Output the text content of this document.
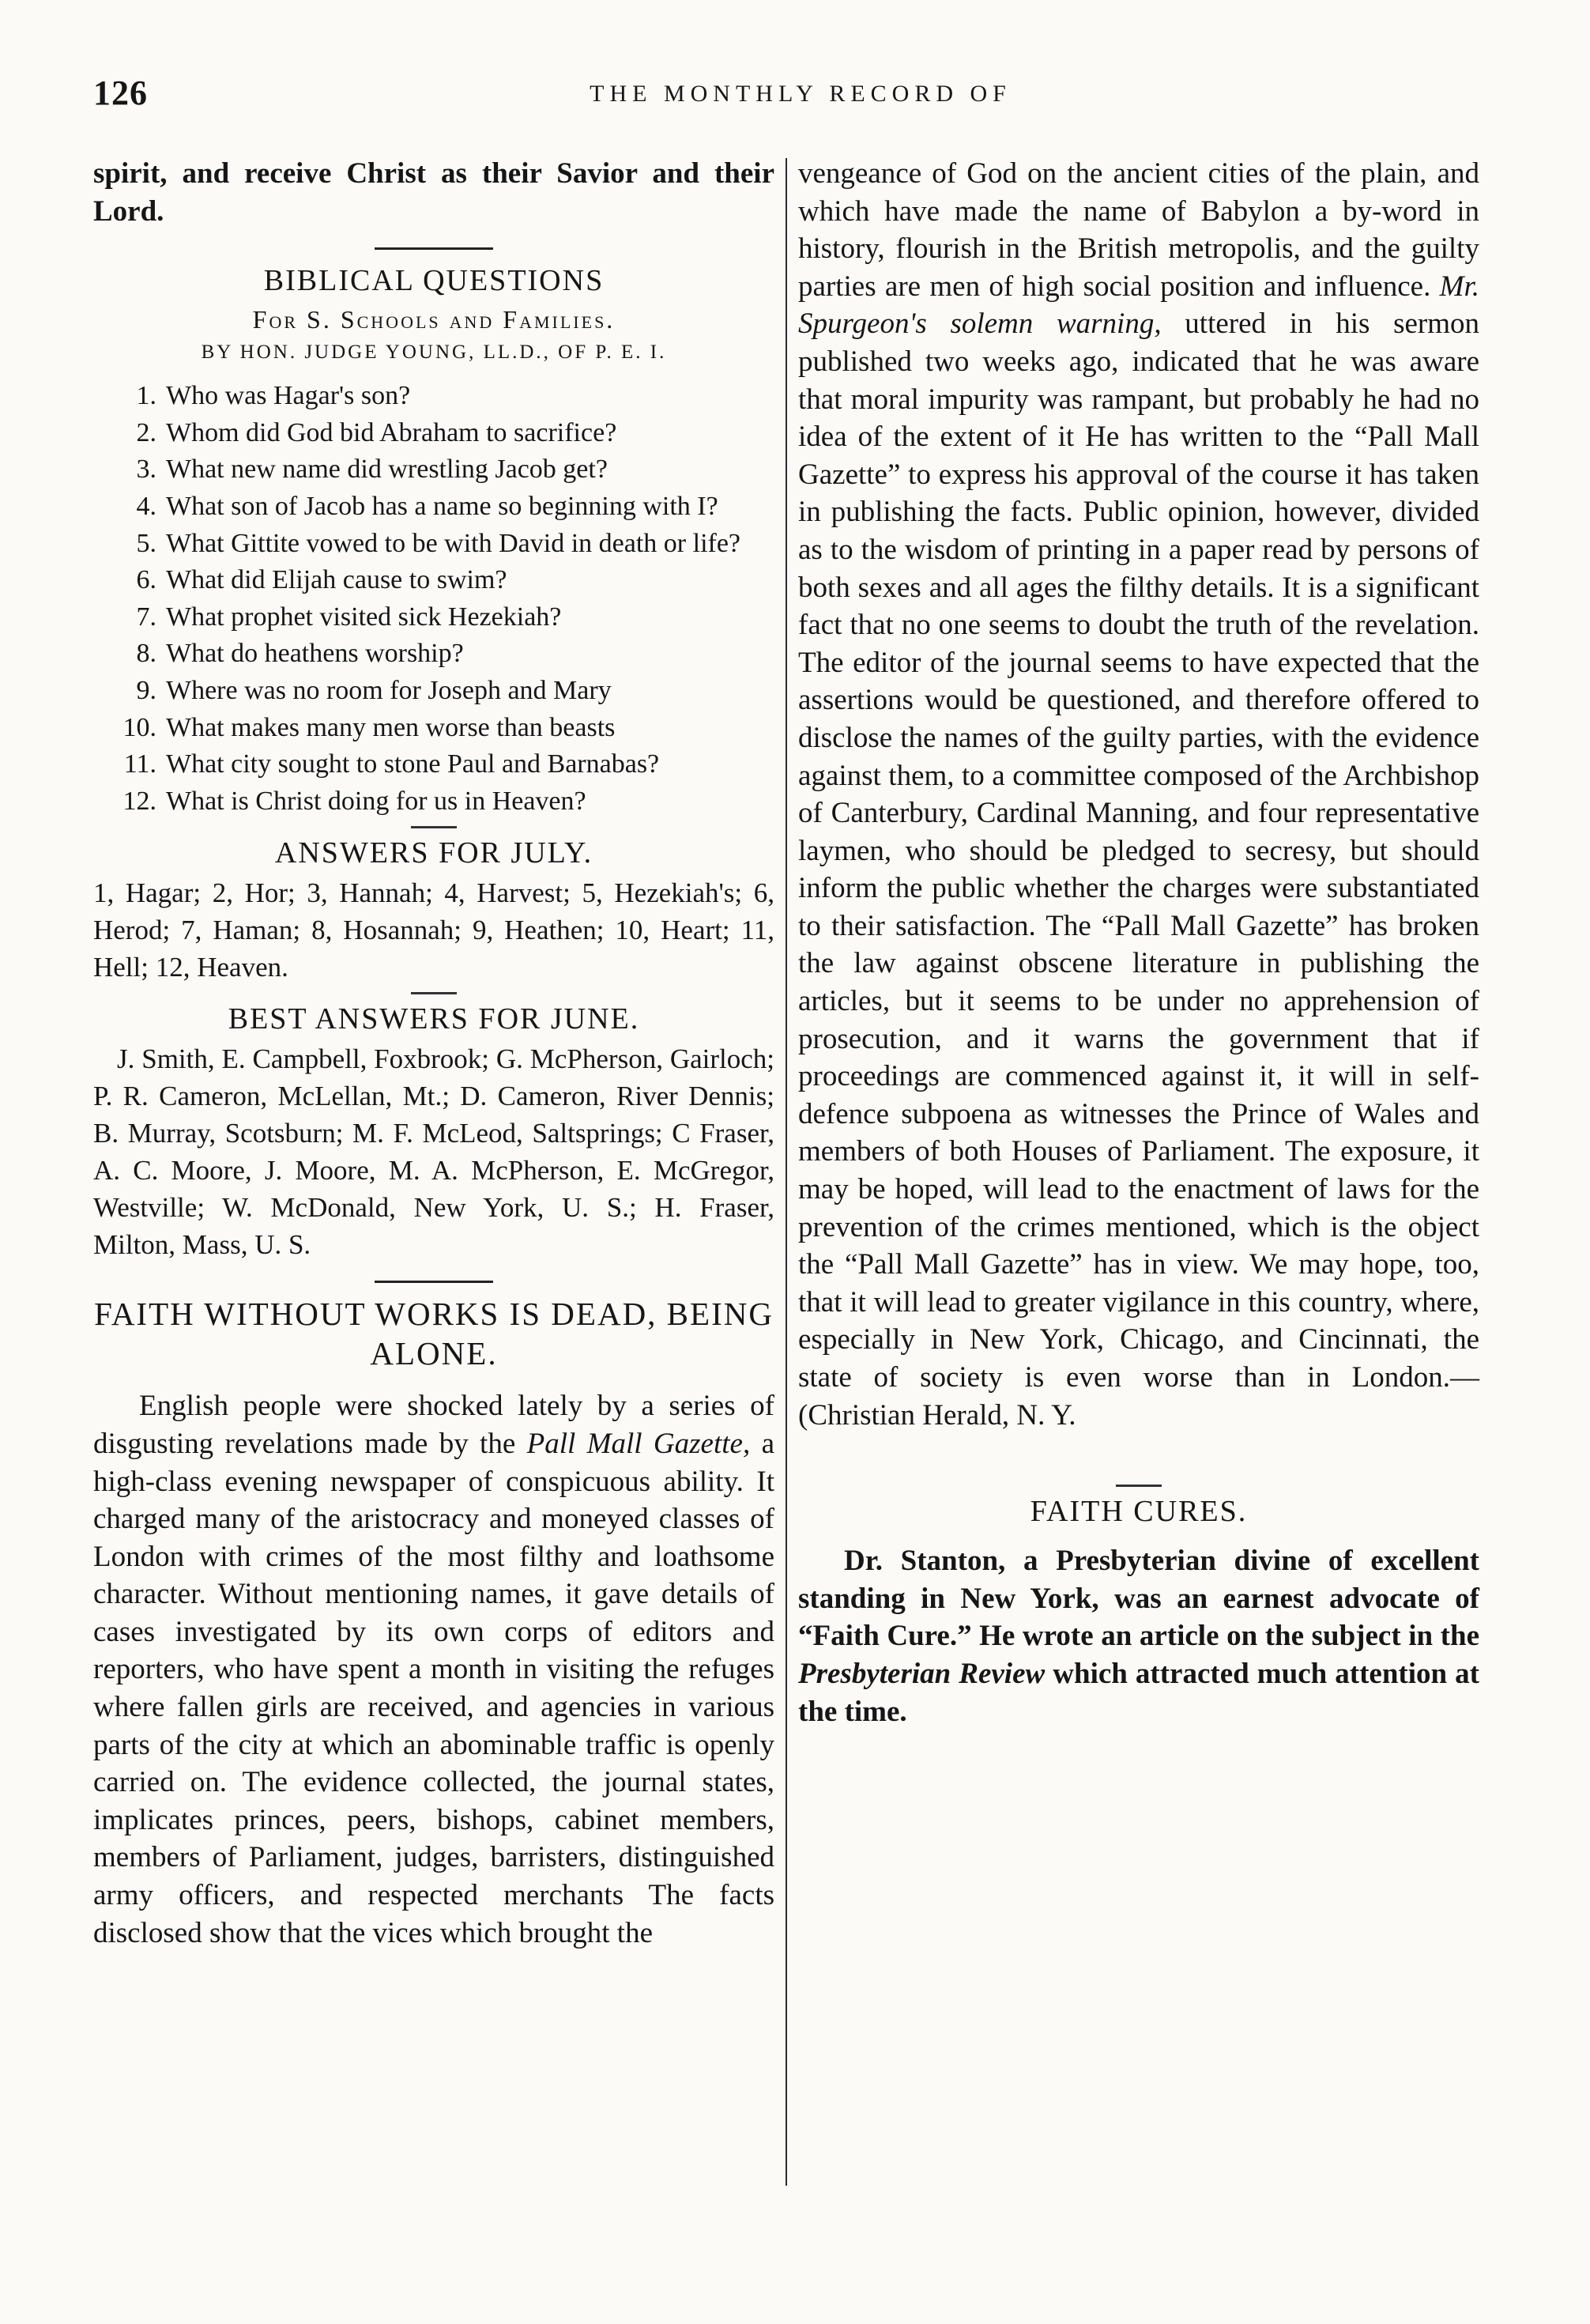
126	THE MONTHLY RECORD OF

spirit, and receive Christ as their Savior and their Lord.

BIBLICAL QUESTIONS
For S. Schools and Families.
BY HON. JUDGE YOUNG, LL.D., OF P. E. I.
1. Who was Hagar's son?
2. Whom did God bid Abraham to sacrifice?
3. What new name did wrestling Jacob get?
4. What son of Jacob has a name so beginning with I?
5. What Gittite vowed to be with David in death or life?
6. What did Elijah cause to swim?
7. What prophet visited sick Hezekiah?
8. What do heathens worship?
9. Where was no room for Joseph and Mary
10. What makes many men worse than beasts
11. What city sought to stone Paul and Barnabas?
12. What is Christ doing for us in Heaven?
ANSWERS FOR JULY.

1, Hagar; 2, Hor; 3, Hannah; 4, Harvest; 5, Hezekiah's; 6, Herod; 7, Haman; 8, Hosannah; 9, Heathen; 10, Heart; 11, Hell; 12, Heaven.

BEST ANSWERS FOR JUNE.

J. Smith, E. Campbell, Foxbrook; G. McPherson, Gairloch; P. R. Cameron, McLellan, Mt.; D. Cameron, River Dennis; B. Murray, Scotsburn; M. F. McLeod, Saltsprings; C Fraser, A. C. Moore, J. Moore, M. A. McPherson, E. McGregor, Westville; W. McDonald, New York, U. S.; H. Fraser, Milton, Mass, U. S.

FAITH WITHOUT WORKS IS DEAD, BEING ALONE.

English people were shocked lately by a series of disgusting revelations made by the Pall Mall Gazette, a high-class evening newspaper of conspicuous ability. It charged many of the aristocracy and moneyed classes of London with crimes of the most filthy and loathsome character. Without mentioning names, it gave details of cases investigated by its own corps of editors and reporters, who have spent a month in visiting the refuges where fallen girls are received, and agencies in various parts of the city at which an abominable traffic is openly carried on. The evidence collected, the journal states, implicates princes, peers, bishops, cabinet members, members of Parliament, judges, barristers, distinguished army officers, and respected merchants The facts disclosed show that the vices which brought the

vengeance of God on the ancient cities of the plain, and which have made the name of Babylon a by-word in history, flourish in the British metropolis, and the guilty parties are men of high social position and influence. Mr. Spurgeon's solemn warning, uttered in his sermon published two weeks ago, indicated that he was aware that moral impurity was rampant, but probably he had no idea of the extent of it He has written to the “Pall Mall Gazette” to express his approval of the course it has taken in publishing the facts. Public opinion, however, divided as to the wisdom of printing in a paper read by persons of both sexes and all ages the filthy details. It is a significant fact that no one seems to doubt the truth of the revelation. The editor of the journal seems to have expected that the assertions would be questioned, and therefore offered to disclose the names of the guilty parties, with the evidence against them, to a committee composed of the Archbishop of Canterbury, Cardinal Manning, and four representative laymen, who should be pledged to secresy, but should inform the public whether the charges were substantiated to their satisfaction. The “Pall Mall Gazette” has broken the law against obscene literature in publishing the articles, but it seems to be under no apprehension of prosecution, and it warns the government that if proceedings are commenced against it, it will in self-defence subpoena as witnesses the Prince of Wales and members of both Houses of Parliament. The exposure, it may be hoped, will lead to the enactment of laws for the prevention of the crimes mentioned, which is the object the “Pall Mall Gazette” has in view. We may hope, too, that it will lead to greater vigilance in this country, where, especially in New York, Chicago, and Cincinnati, the state of society is even worse than in London.—(Christian Herald, N. Y.

FAITH CURES.

Dr. Stanton, a Presbyterian divine of excellent standing in New York, was an earnest advocate of “Faith Cure.” He wrote an article on the subject in the Presbyterian Review which attracted much attention at the time.
